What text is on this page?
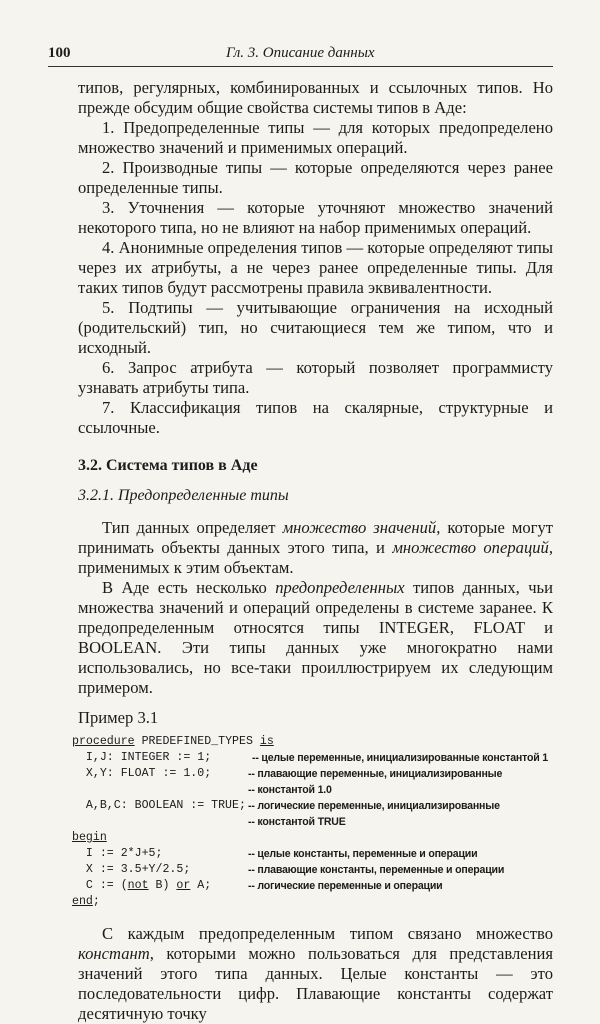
100	Гл. 3. Описание данных

типов, регулярных, комбинированных и ссылочных типов. Но прежде обсудим общие свойства системы типов в Аде:

1. Предопределенные типы — для которых предопределено множество значений и применимых операций.

2. Производные типы — которые определяются через ранее определенные типы.

3. Уточнения — которые уточняют множество значений некоторого типа, но не влияют на набор применимых операций.

4. Анонимные определения типов — которые определяют типы через их атрибуты, а не через ранее определенные типы. Для таких типов будут рассмотрены правила эквивалентности.

5. Подтипы — учитывающие ограничения на исходный (родительский) тип, но считающиеся тем же типом, что и исходный.

6. Запрос атрибута — который позволяет программисту узнавать атрибуты типа.

7. Классификация типов на скалярные, структурные и ссылочные.

3.2. Система типов в Аде
3.2.1. Предопределенные типы

Тип данных определяет множество значений, которые могут принимать объекты данных этого типа, и множество операций, применимых к этим объектам.

В Аде есть несколько предопределенных типов данных, чьи множества значений и операций определены в системе заранее. К предопределенным относятся типы INTEGER, FLOAT и BOOLEAN. Эти типы данных уже многократно нами использовались, но все-таки проиллюстрируем их следующим примером.

Пример 3.1
procedure PREDEFINED_TYPES is
I,J: INTEGER := 1;	-- целые переменные, инициализированные константой 1
X,Y: FLOAT := 1.0;	-- плавающие переменные, инициализированные
-- константой 1.0
A,B,C: BOOLEAN := TRUE; -- логические переменные, инициализированные
-- константой TRUE
begin
I := 2*J+5;	-- целые константы, переменные и операции
X := 3.5+Y/2.5;	-- плавающие константы, переменные и операции
C := (not B) or A;	-- логические переменные и операции
end;

С каждым предопределенным типом связано множество констант, которыми можно пользоваться для представления значений этого типа данных. Целые константы — это последовательности цифр. Плавающие константы содержат десятичную точку
